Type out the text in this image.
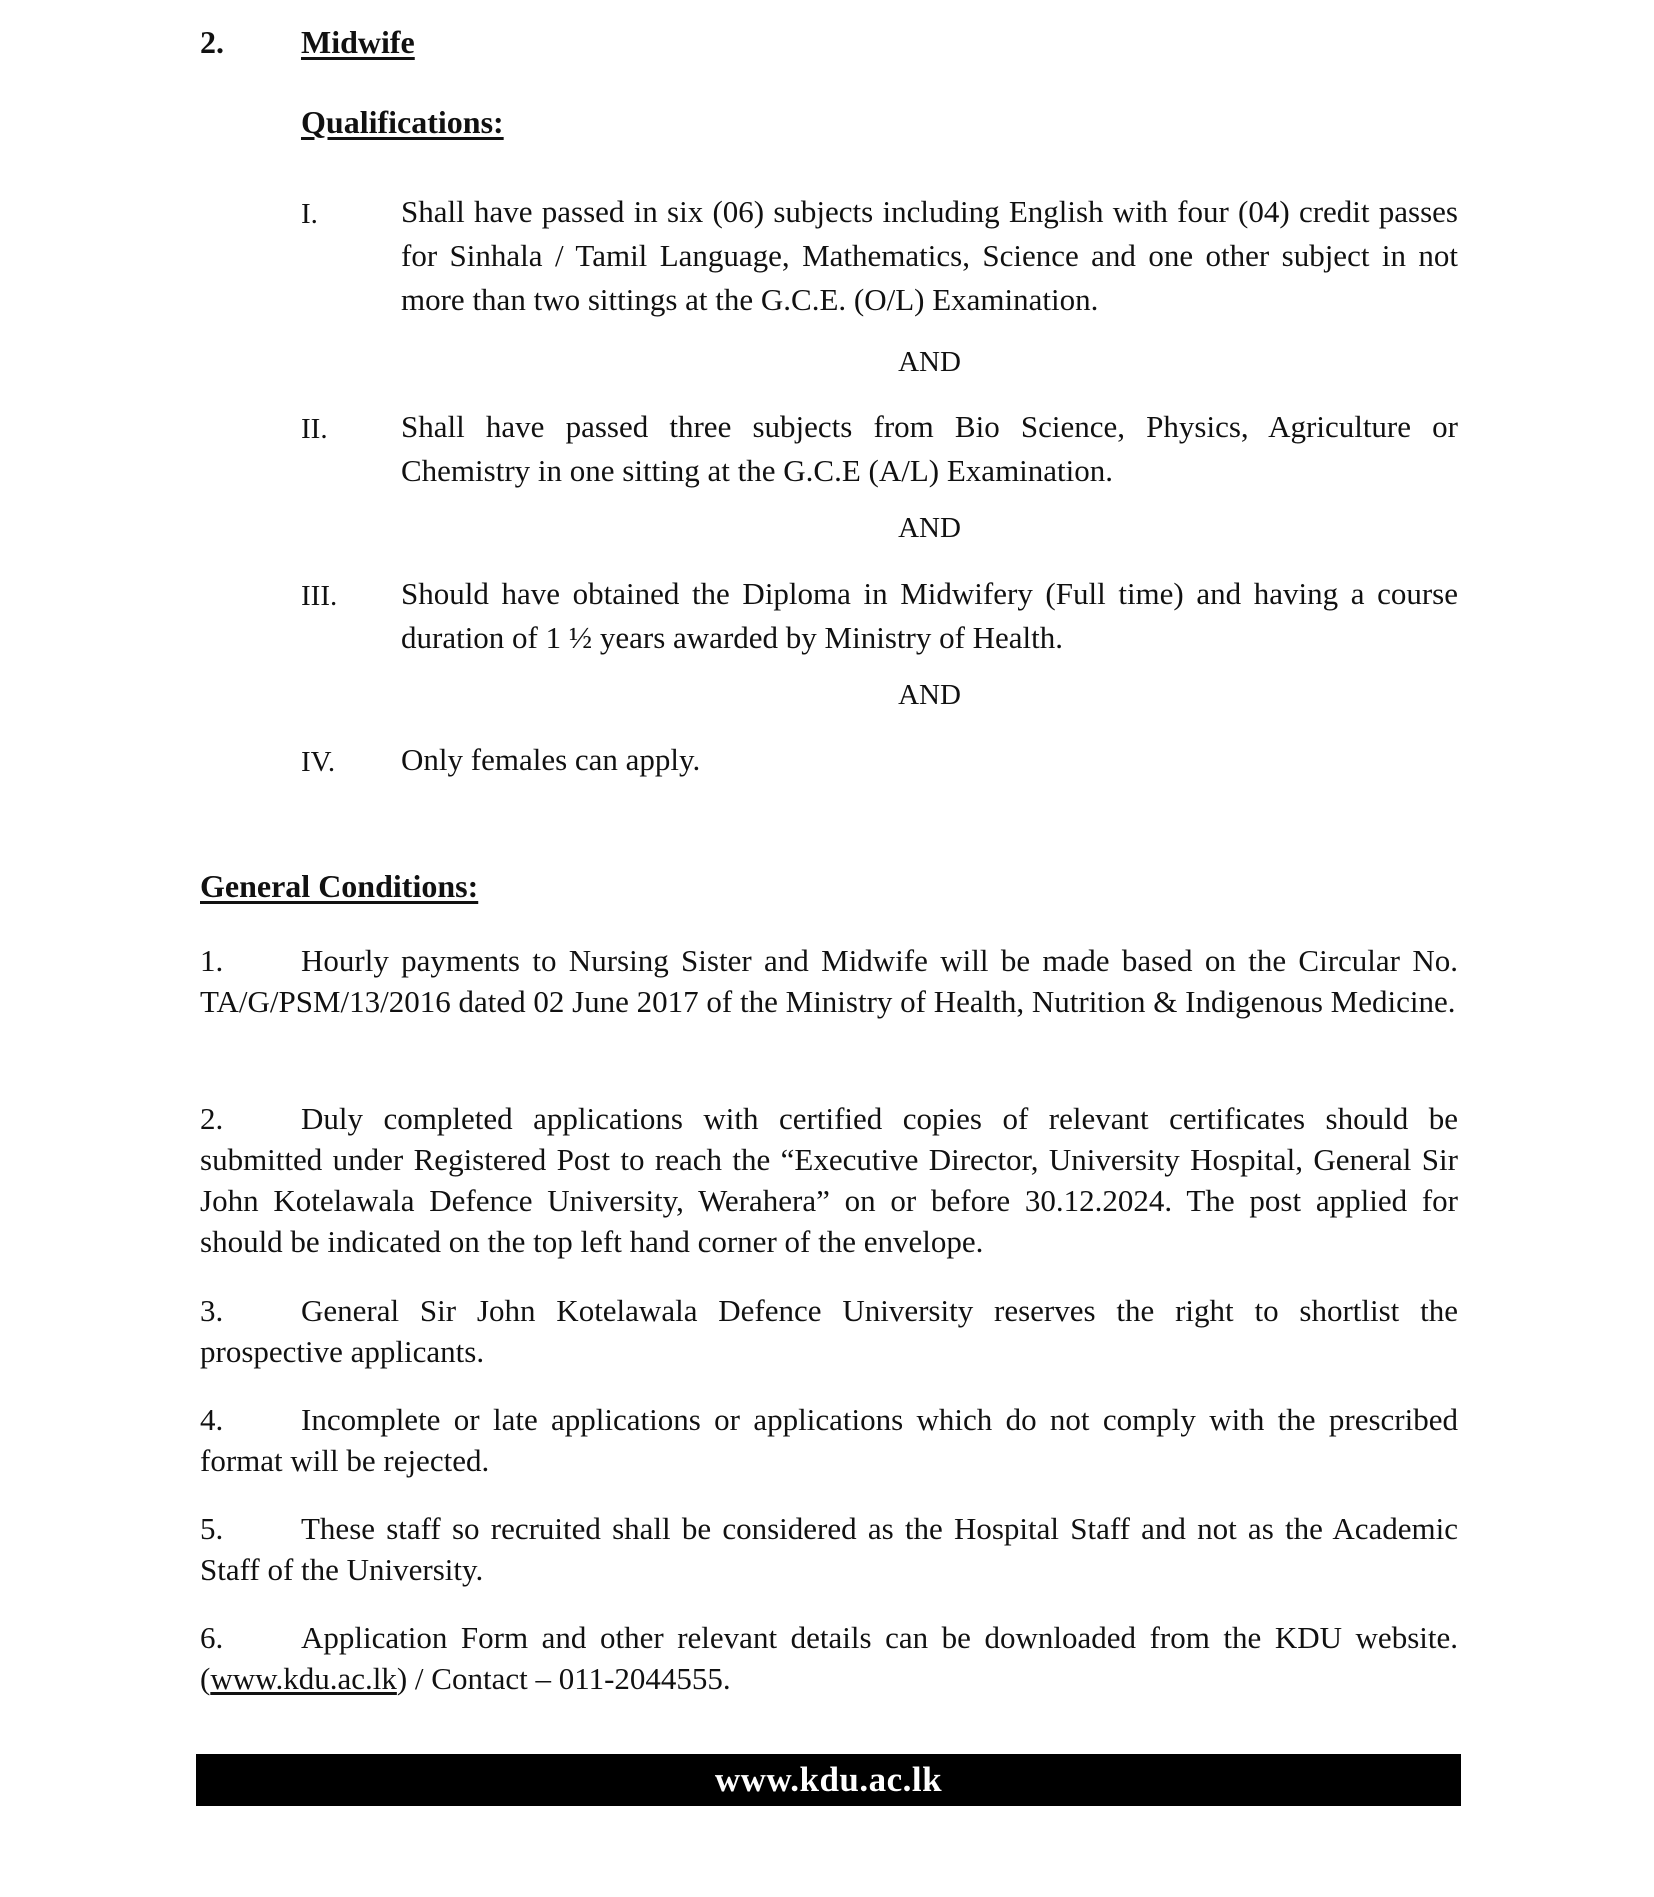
2. Midwife
Qualifications:
I.	Shall have passed in six (06) subjects including English with four (04) credit passes for Sinhala / Tamil Language, Mathematics, Science and one other subject in not more than two sittings at the G.C.E. (O/L) Examination.
AND
II. Shall have passed three subjects from Bio Science, Physics, Agriculture or Chemistry in one sitting at the G.C.E (A/L) Examination.
AND
III. Should have obtained the Diploma in Midwifery (Full time) and having a course duration of 1 ½ years awarded by Ministry of Health.
AND
IV. Only females can apply.
General Conditions:
1.	Hourly payments to Nursing Sister and Midwife will be made based on the Circular No. TA/G/PSM/13/2016 dated 02 June 2017 of the Ministry of Health, Nutrition & Indigenous Medicine.
2.	Duly completed applications with certified copies of relevant certificates should be submitted under Registered Post to reach the “Executive Director, University Hospital, General Sir John Kotelawala Defence University, Werahera” on or before 30.12.2024. The post applied for should be indicated on the top left hand corner of the envelope.
3.	General Sir John Kotelawala Defence University reserves the right to shortlist the prospective applicants.
4.	Incomplete or late applications or applications which do not comply with the prescribed format will be rejected.
5.	These staff so recruited shall be considered as the Hospital Staff and not as the Academic Staff of the University.
6.	Application Form and other relevant details can be downloaded from the KDU website. (www.kdu.ac.lk) / Contact – 011-2044555.
www.kdu.ac.lk
